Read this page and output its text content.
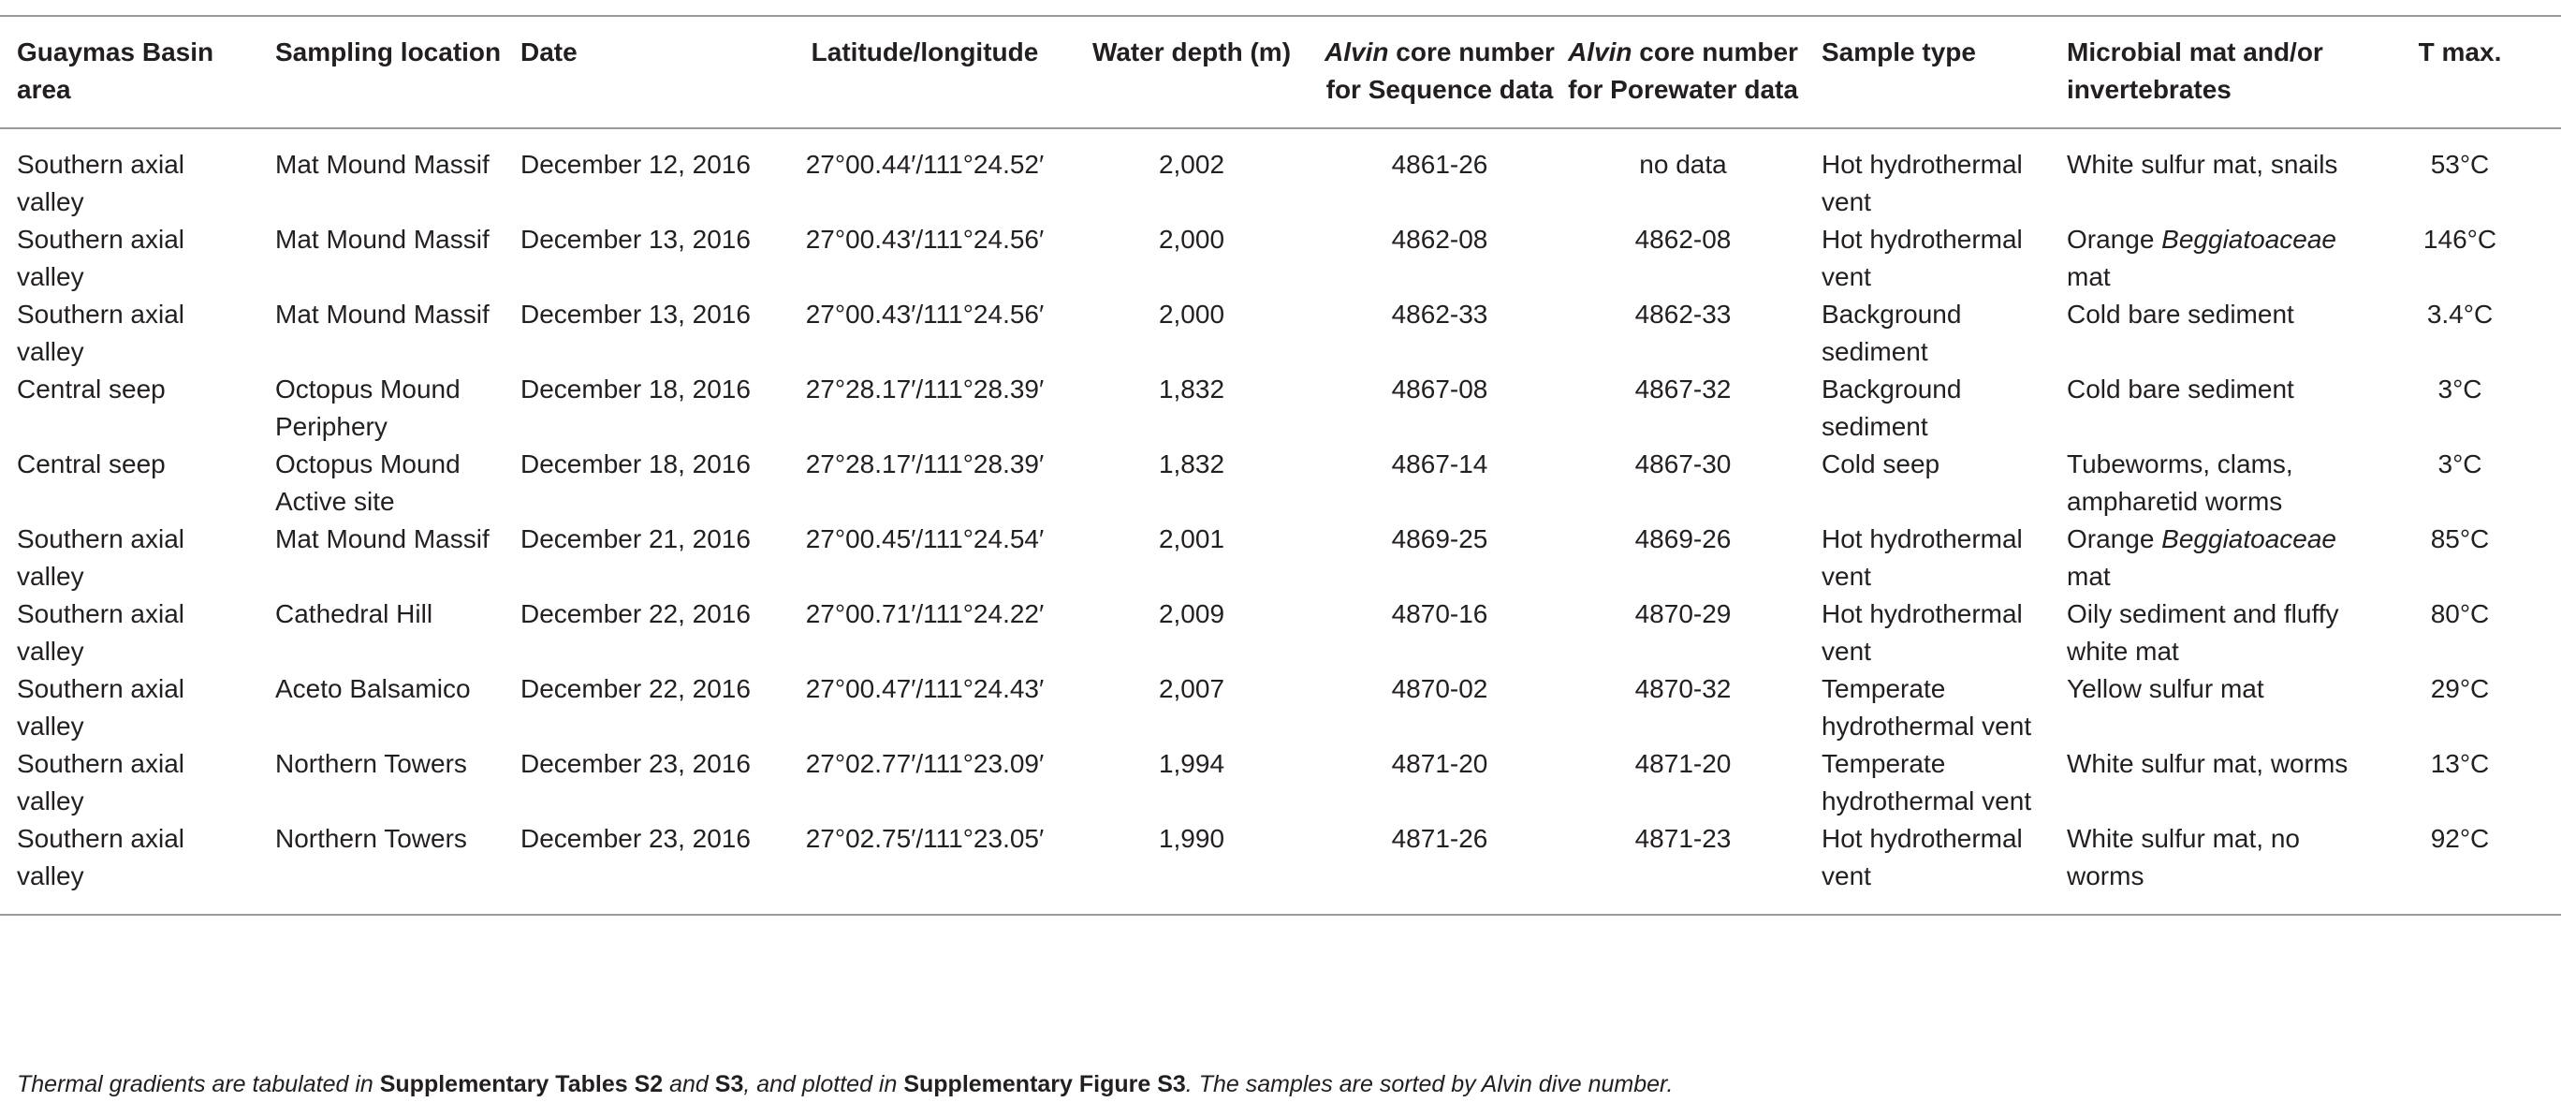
Guaymas Basin area	Sampling location	Date	Latitude/longitude	Water depth (m)	Alvin core number for Sequence data	Alvin core number for Porewater data	Sample type	Microbial mat and/or invertebrates	T max.
Southern axial valley	Mat Mound Massif	December 12, 2016	27°00.44′/111°24.52′	2,002	4861-26	no data	Hot hydrothermal vent	White sulfur mat, snails	53°C
Southern axial valley	Mat Mound Massif	December 13, 2016	27°00.43′/111°24.56′	2,000	4862-08	4862-08	Hot hydrothermal vent	Orange Beggiatoaceae mat	146°C
Southern axial valley	Mat Mound Massif	December 13, 2016	27°00.43′/111°24.56′	2,000	4862-33	4862-33	Background sediment	Cold bare sediment	3.4°C
Central seep	Octopus Mound Periphery	December 18, 2016	27°28.17′/111°28.39′	1,832	4867-08	4867-32	Background sediment	Cold bare sediment	3°C
Central seep	Octopus Mound Active site	December 18, 2016	27°28.17′/111°28.39′	1,832	4867-14	4867-30	Cold seep	Tubeworms, clams, ampharetid worms	3°C
Southern axial valley	Mat Mound Massif	December 21, 2016	27°00.45′/111°24.54′	2,001	4869-25	4869-26	Hot hydrothermal vent	Orange Beggiatoaceae mat	85°C
Southern axial valley	Cathedral Hill	December 22, 2016	27°00.71′/111°24.22′	2,009	4870-16	4870-29	Hot hydrothermal vent	Oily sediment and fluffy white mat	80°C
Southern axial valley	Aceto Balsamico	December 22, 2016	27°00.47′/111°24.43′	2,007	4870-02	4870-32	Temperate hydrothermal vent	Yellow sulfur mat	29°C
Southern axial valley	Northern Towers	December 23, 2016	27°02.77′/111°23.09′	1,994	4871-20	4871-20	Temperate hydrothermal vent	White sulfur mat, worms	13°C
Southern axial valley	Northern Towers	December 23, 2016	27°02.75′/111°23.05′	1,990	4871-26	4871-23	Hot hydrothermal vent	White sulfur mat, no worms	92°C
Thermal gradients are tabulated in Supplementary Tables S2 and S3, and plotted in Supplementary Figure S3. The samples are sorted by Alvin dive number.
